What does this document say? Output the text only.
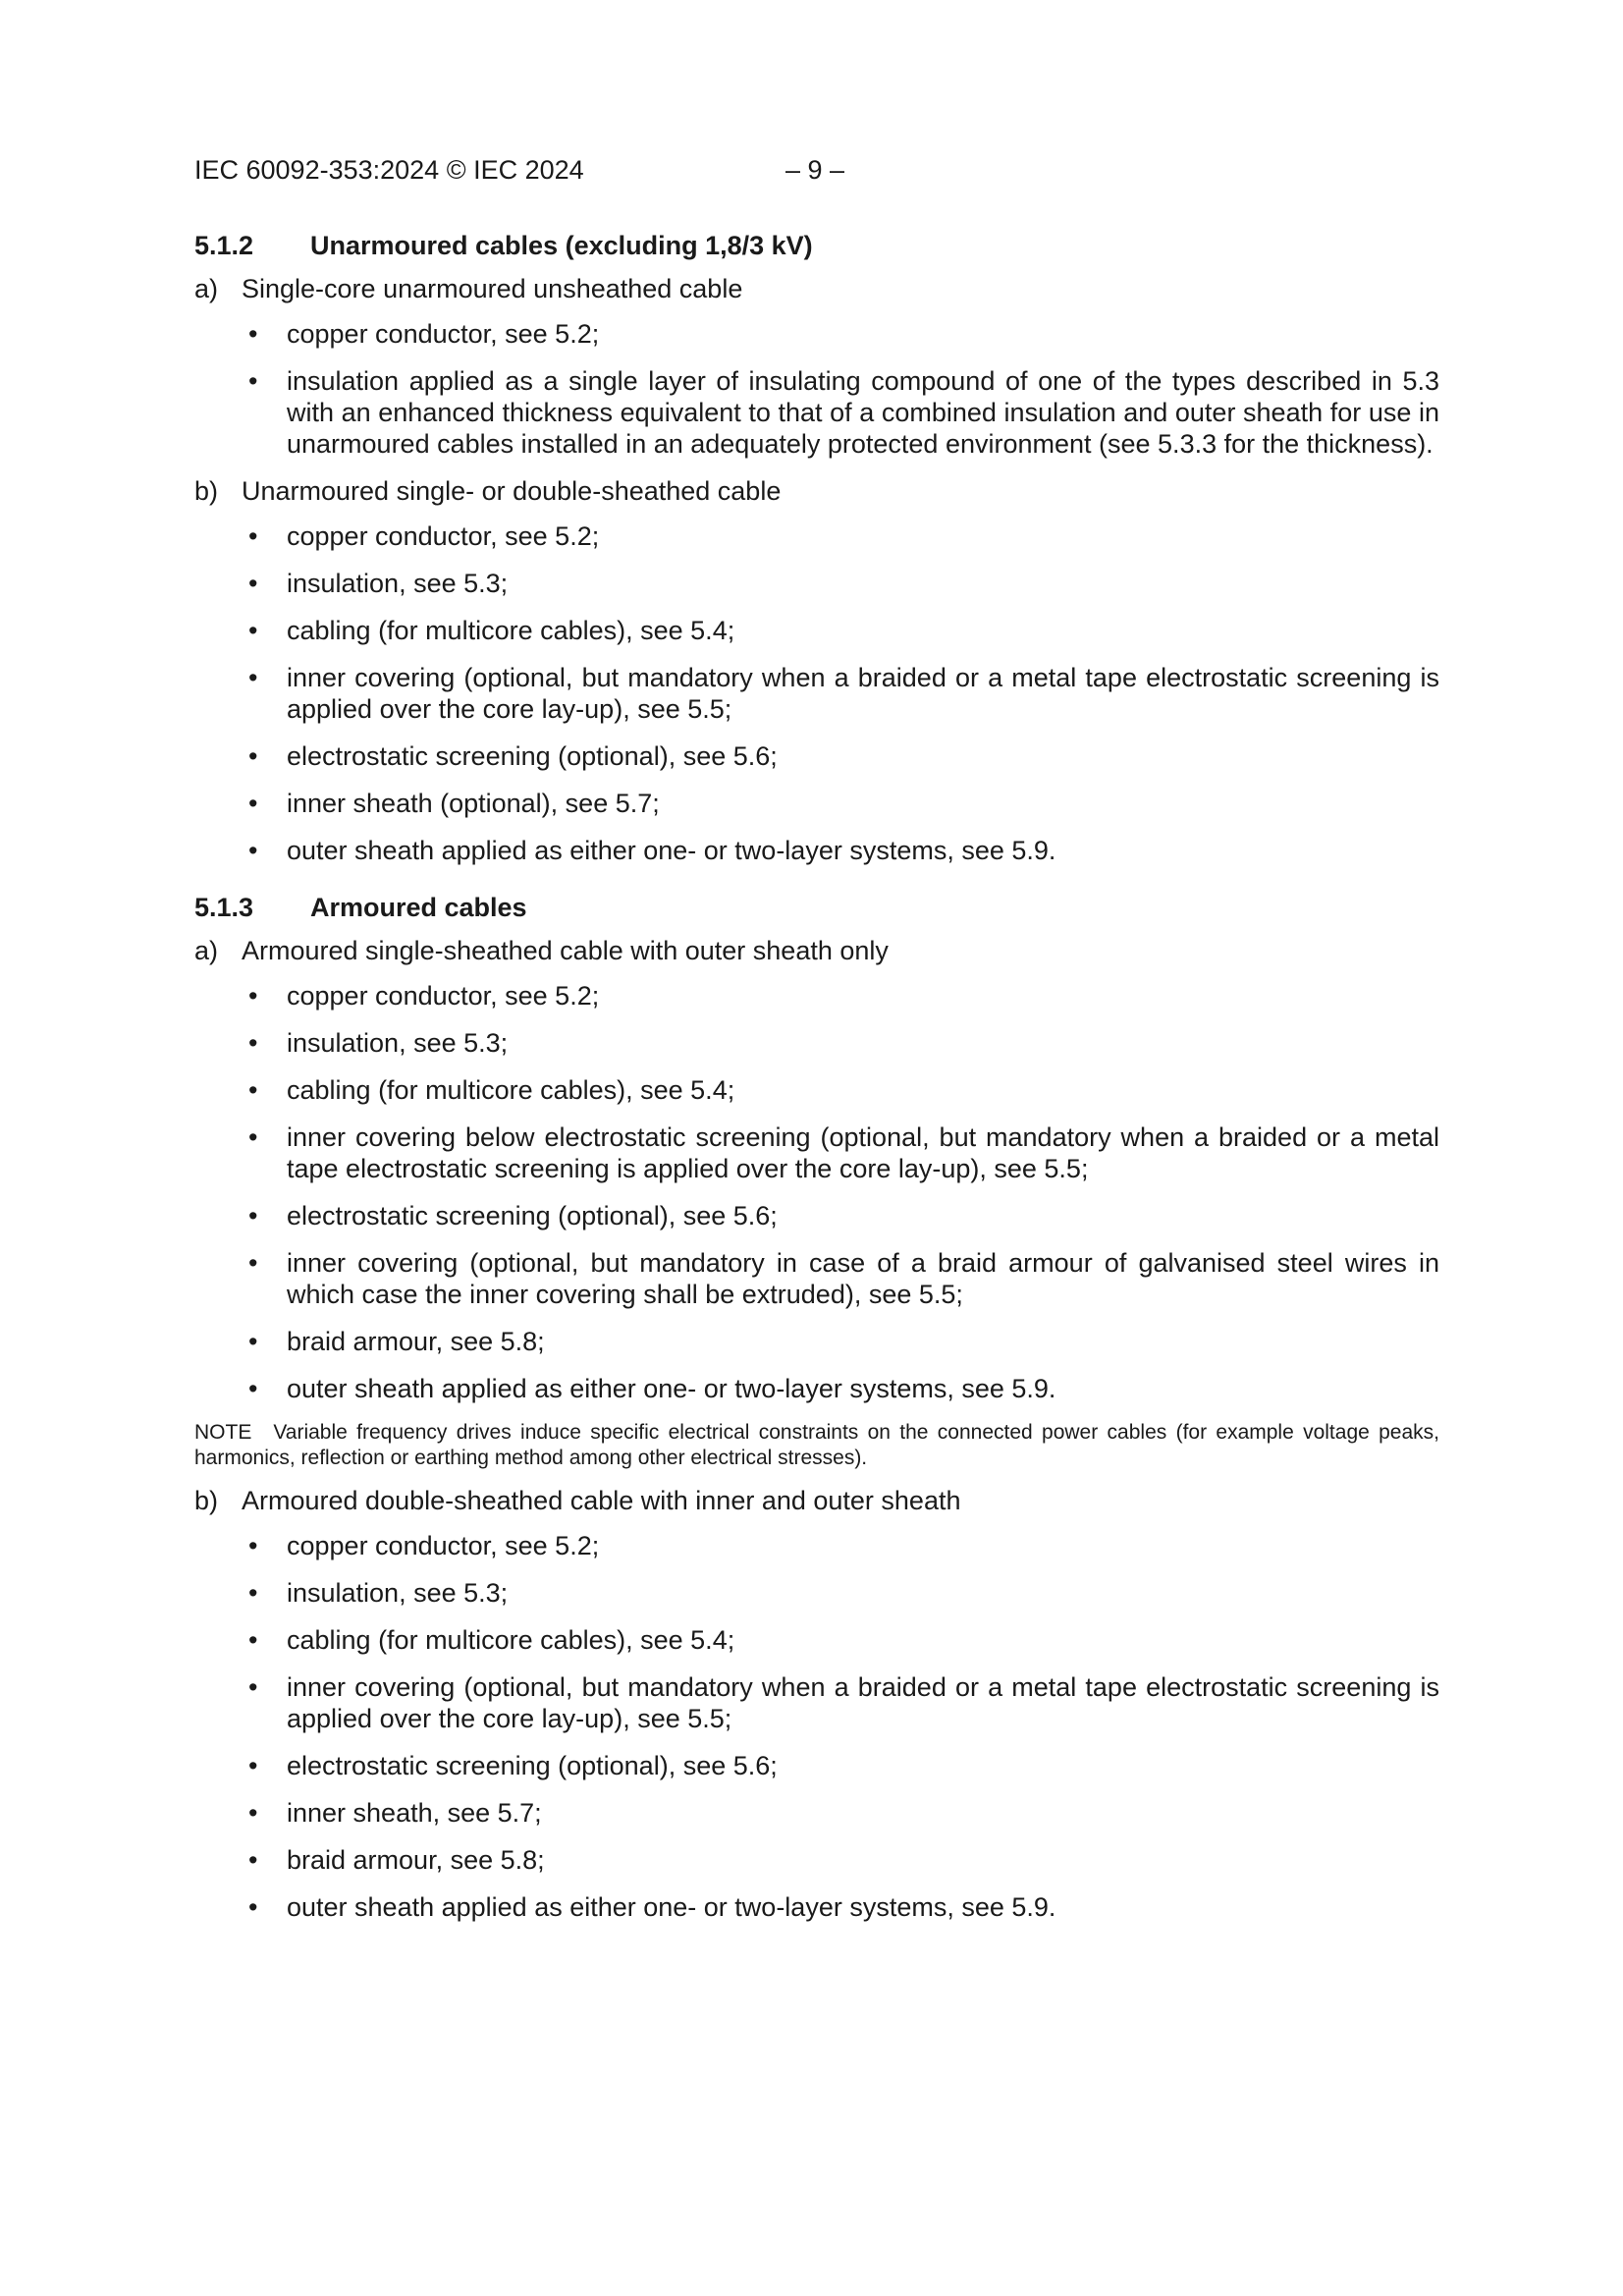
IEC 60092-353:2024 © IEC 2024	– 9 –
5.1.2	Unarmoured cables (excluding 1,8/3 kV)
a) Single-core unarmoured unsheathed cable
• copper conductor, see 5.2;
• insulation applied as a single layer of insulating compound of one of the types described in 5.3 with an enhanced thickness equivalent to that of a combined insulation and outer sheath for use in unarmoured cables installed in an adequately protected environment (see 5.3.3 for the thickness).
b) Unarmoured single- or double-sheathed cable
• copper conductor, see 5.2;
• insulation, see 5.3;
• cabling (for multicore cables), see 5.4;
• inner covering (optional, but mandatory when a braided or a metal tape electrostatic screening is applied over the core lay-up), see 5.5;
• electrostatic screening (optional), see 5.6;
• inner sheath (optional), see 5.7;
• outer sheath applied as either one- or two-layer systems, see 5.9.
5.1.3	Armoured cables
a) Armoured single-sheathed cable with outer sheath only
• copper conductor, see 5.2;
• insulation, see 5.3;
• cabling (for multicore cables), see 5.4;
• inner covering below electrostatic screening (optional, but mandatory when a braided or a metal tape electrostatic screening is applied over the core lay-up), see 5.5;
• electrostatic screening (optional), see 5.6;
• inner covering (optional, but mandatory in case of a braid armour of galvanised steel wires in which case the inner covering shall be extruded), see 5.5;
• braid armour, see 5.8;
• outer sheath applied as either one- or two-layer systems, see 5.9.
NOTE Variable frequency drives induce specific electrical constraints on the connected power cables (for example voltage peaks, harmonics, reflection or earthing method among other electrical stresses).
b) Armoured double-sheathed cable with inner and outer sheath
• copper conductor, see 5.2;
• insulation, see 5.3;
• cabling (for multicore cables), see 5.4;
• inner covering (optional, but mandatory when a braided or a metal tape electrostatic screening is applied over the core lay-up), see 5.5;
• electrostatic screening (optional), see 5.6;
• inner sheath, see 5.7;
• braid armour, see 5.8;
• outer sheath applied as either one- or two-layer systems, see 5.9.
